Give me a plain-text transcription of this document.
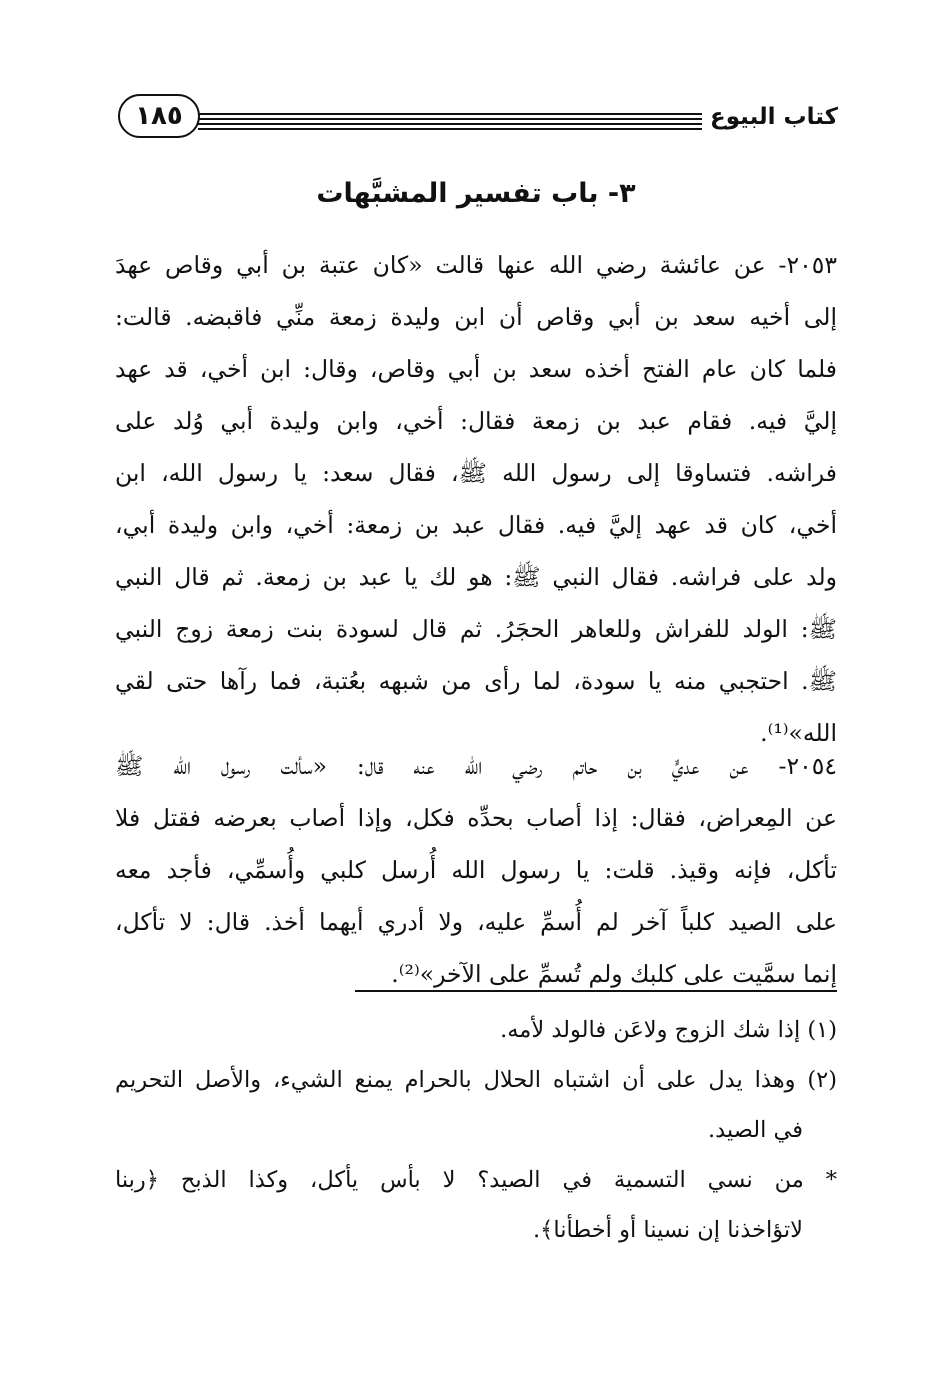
كتاب البيوع
١٨٥
٣- باب تفسير المشبَّهات
٢٠٥٣- عن عائشة رضي الله عنها قالت «كان عتبة بن أبي وقاص عهدَ
إلى أخيه سعد بن أبي وقاص أن ابن وليدة زمعة منِّي فاقبضه. قالت:
فلما كان عام الفتح أخذه سعد بن أبي وقاص، وقال: ابن أخي، قد عهد
إليَّ فيه. فقام عبد بن زمعة فقال: أخي، وابن وليدة أبي وُلد على
فراشه. فتساوقا إلى رسول الله ﷺ، فقال سعد: يا رسول الله، ابن
أخي، كان قد عهد إليَّ فيه. فقال عبد بن زمعة: أخي، وابن وليدة أبي،
ولد على فراشه. فقال النبي ﷺ: هو لك يا عبد بن زمعة. ثم قال النبي
ﷺ: الولد للفراش وللعاهر الحجَرُ. ثم قال لسودة بنت زمعة زوج النبي
ﷺ. احتجبي منه يا سودة، لما رأى من شبهه بعُتبة، فما رآها حتى لقي
الله»⁽¹⁾.
٢٠٥٤- عن عديٍّ بن حاتم رضي الله عنه قال: «سألت رسول الله ﷺ
عن المِعراض، فقال: إذا أصاب بحدِّه فكل، وإذا أصاب بعرضه فقتل فلا
تأكل، فإنه وقيذ. قلت: يا رسول الله أُرسل كلبي وأُسمِّي، فأجد معه
على الصيد كلباً آخر لم أُسمِّ عليه، ولا أدري أيهما أخذ. قال: لا تأكل،
إنما سمَّيت على كلبك ولم تُسمِّ على الآخر»⁽²⁾.
(١) إذا شك الزوج ولاعَن فالولد لأمه.
(٢) وهذا يدل على أن اشتباه الحلال بالحرام يمنع الشيء، والأصل التحريم
في الصيد.
* من نسي التسمية في الصيد؟ لا بأس يأكل، وكذا الذبح ﴿ربنا
لاتؤاخذنا إن نسينا أو أخطأنا﴾.
